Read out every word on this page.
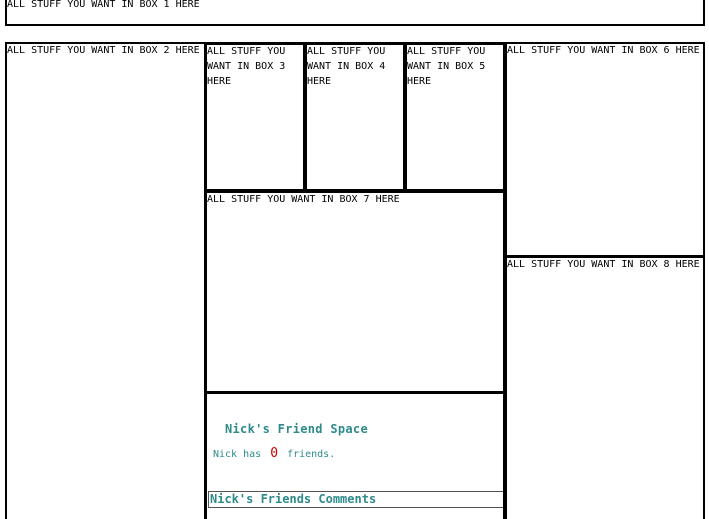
ALL STUFF YOU WANT IN BOX 1 HERE
ALL STUFF YOU WANT IN BOX 2 HERE ALL STUFF YOU WANT IN BOX 3 HERE
ALL STUFF YOU WANT IN BOX 4 HERE
ALL STUFF YOU WANT IN BOX 5 HERE
ALL STUFF YOU WANT IN BOX 6 HERE
ALL STUFF YOU WANT IN BOX 7 HERE
ALL STUFF YOU WANT IN BOX 8 HERE
Nick's Friend Space
Nick has 0 friends.
Nick's Friends Comments
